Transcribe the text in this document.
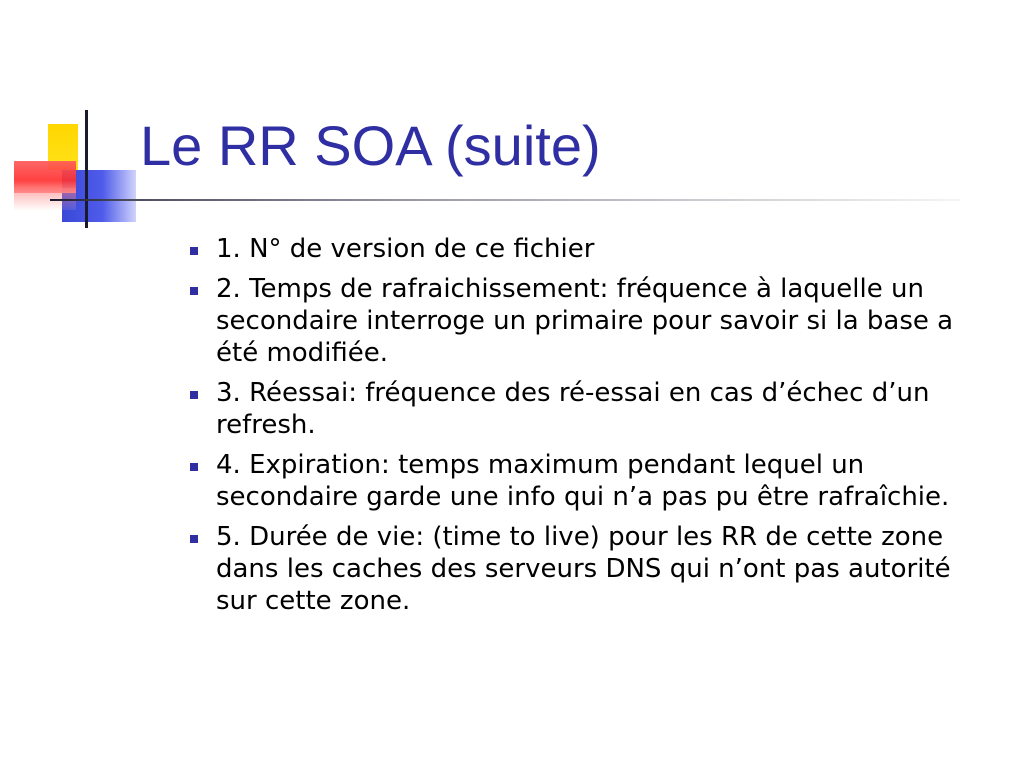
Le RR SOA (suite)
1. N° de version de ce fichier
2. Temps de rafraichissement: fréquence à laquelle un secondaire interroge un primaire pour savoir si la base a été modifiée.
3. Réessai: fréquence des ré-essai en cas d’échec d’un refresh.
4. Expiration: temps maximum pendant lequel un secondaire garde une info qui n’a pas pu être rafraîchie.
5. Durée de vie: (time to live) pour les RR de cette zone dans les caches des serveurs DNS qui n’ont pas autorité sur cette zone.
